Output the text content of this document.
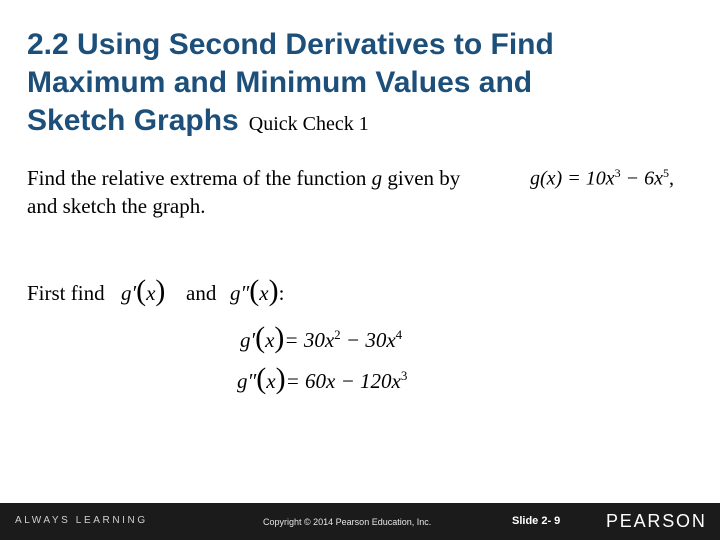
2.2 Using Second Derivatives to Find
Maximum and Minimum Values and
Sketch Graphs Quick Check 1
Find the relative extrema of the function g given by	$g(x) = 10x^3 - 6x^5$,
and sketch the graph.
First find g′(x) and g″(x):
$g'(x)= 30x^2 - 30x^4$
$g''(x)= 60x - 120x^3$
ALWAYS LEARNING	Copyright © 2014 Pearson Education, Inc.	Slide 2- 9	PEARSON
